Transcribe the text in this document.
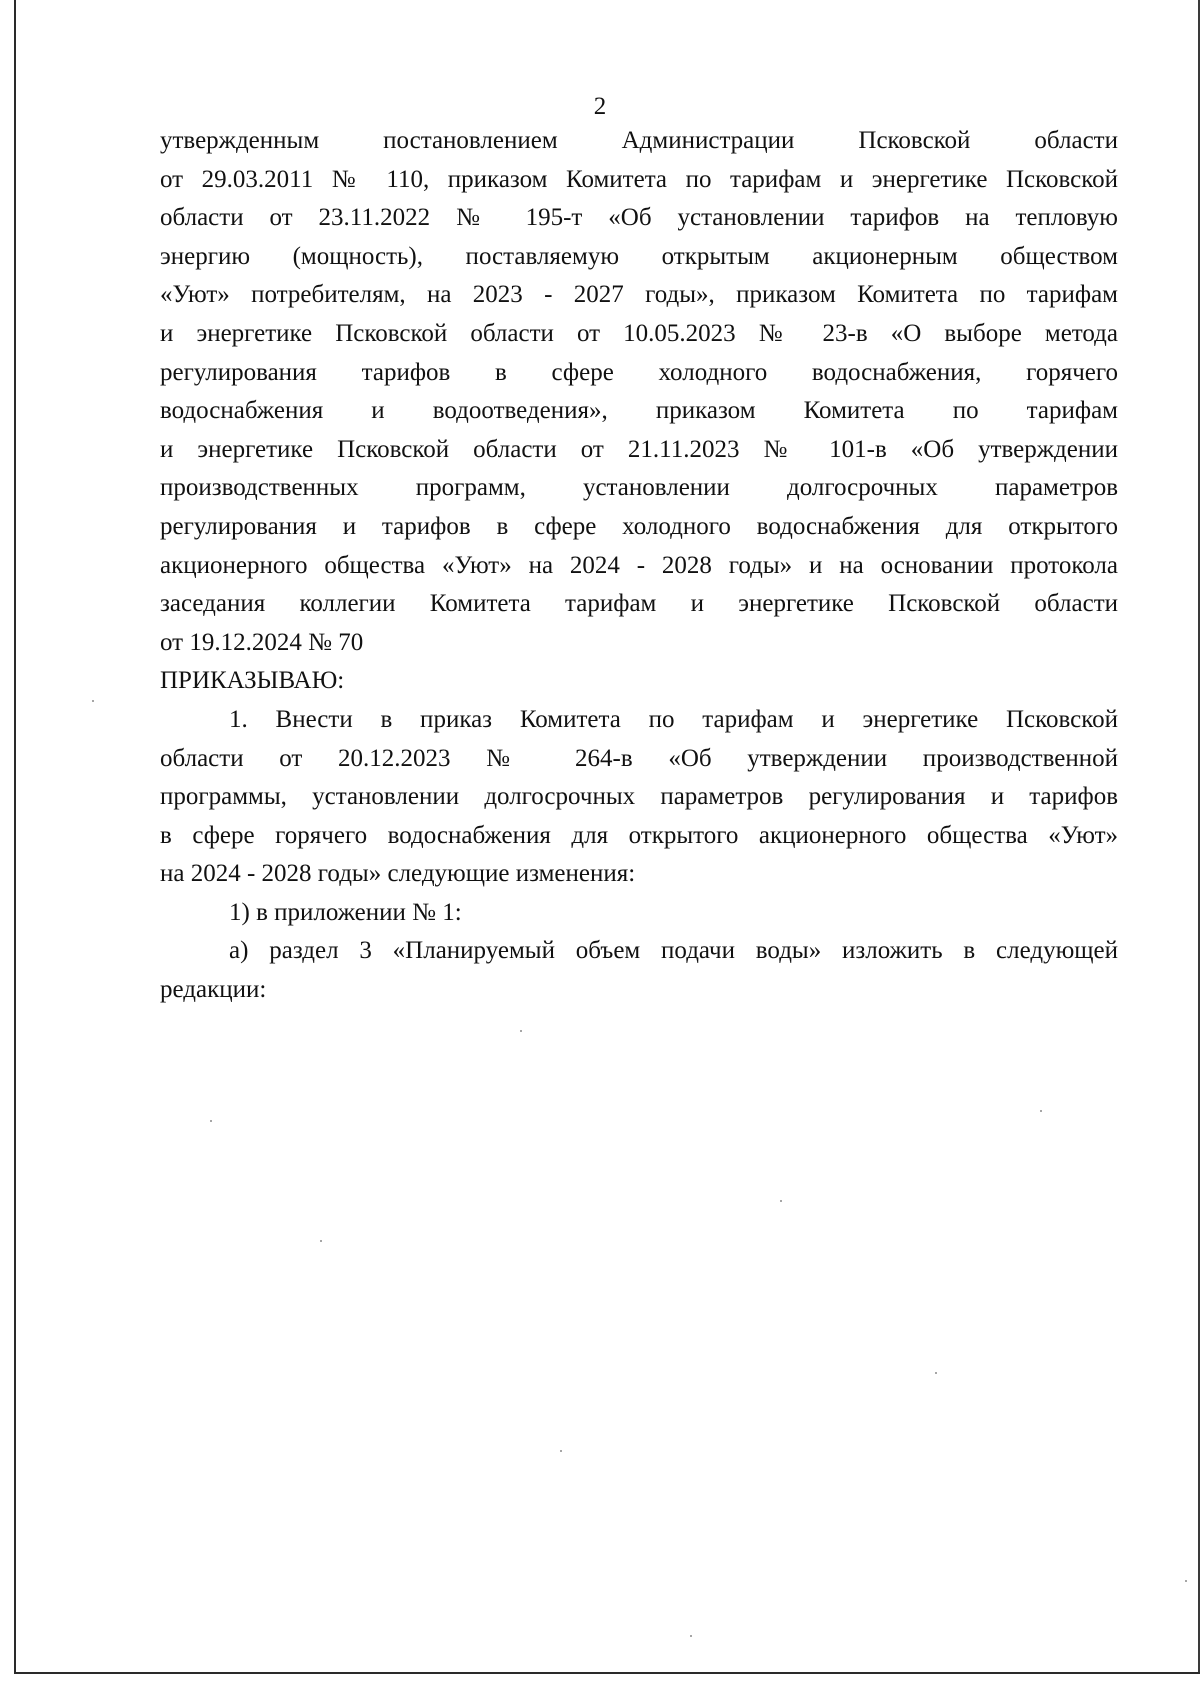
2
утвержденным постановлением Администрации Псковской области
от 29.03.2011 № 110, приказом Комитета по тарифам и энергетике Псковской
области от 23.11.2022 № 195-т «Об установлении тарифов на тепловую
энергию (мощность), поставляемую открытым акционерным обществом
«Уют» потребителям, на 2023 - 2027 годы», приказом Комитета по тарифам
и энергетике Псковской области от 10.05.2023 № 23-в «О выборе метода
регулирования тарифов в сфере холодного водоснабжения, горячего
водоснабжения и водоотведения», приказом Комитета по тарифам
и энергетике Псковской области от 21.11.2023 № 101-в «Об утверждении
производственных программ, установлении долгосрочных параметров
регулирования и тарифов в сфере холодного водоснабжения для открытого
акционерного общества «Уют» на 2024 - 2028 годы» и на основании протокола
заседания коллегии Комитета тарифам и энергетике Псковской области
от 19.12.2024 № 70
ПРИКАЗЫВАЮ:
1. Внести в приказ Комитета по тарифам и энергетике Псковской
области от 20.12.2023 № 264-в «Об утверждении производственной
программы, установлении долгосрочных параметров регулирования и тарифов
в сфере горячего водоснабжения для открытого акционерного общества «Уют»
на 2024 - 2028 годы» следующие изменения:
1) в приложении № 1:
а) раздел 3 «Планируемый объем подачи воды» изложить в следующей
редакции:
